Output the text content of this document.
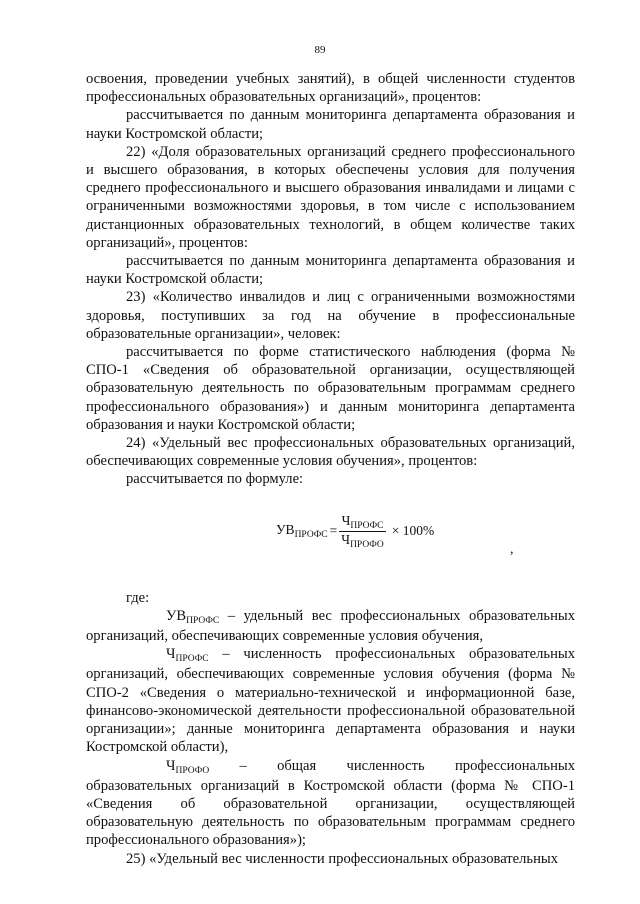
89

освоения, проведении учебных занятий), в общей численности студентов профессиональных образовательных организаций», процентов:

рассчитывается по данным мониторинга департамента образования и науки Костромской области;

22) «Доля образовательных организаций среднего профессионального и высшего образования, в которых обеспечены условия для получения среднего профессионального и высшего образования инвалидами и лицами с ограниченными возможностями здоровья, в том числе с использованием дистанционных образовательных технологий, в общем количестве таких организаций», процентов:

рассчитывается по данным мониторинга департамента образования и науки Костромской области;

23) «Количество инвалидов и лиц с ограниченными возможностями здоровья, поступивших за год на обучение в профессиональные образовательные организации», человек:

рассчитывается по форме статистического наблюдения (форма № СПО-1 «Сведения об образовательной организации, осуществляющей образовательную деятельность по образовательным программам среднего профессионального образования») и данным мониторинга департамента образования и науки Костромской области;

24) «Удельный вес профессиональных образовательных организаций, обеспечивающих современные условия обучения», процентов:

рассчитывается по формуле:

$УВ_{ПРОФС} = \frac{Ч_{ПРОФС}}{Ч_{ПРОФО}} \times 100\%$
,

где:

$УВ_{ПРОФС}$ – удельный вес профессиональных образовательных организаций, обеспечивающих современные условия обучения,

$Ч_{ПРОФС}$ – численность профессиональных образовательных организаций, обеспечивающих современные условия обучения (форма № СПО-2 «Сведения о материально-технической и информационной базе, финансово-экономической деятельности профессиональной образовательной организации»; данные мониторинга департамента образования и науки Костромской области),

$Ч_{ПРОФО}$ – общая численность профессиональных образовательных организаций в Костромской области (форма № СПО-1 «Сведения об образовательной организации, осуществляющей образовательную деятельность по образовательным программам среднего профессионального образования»);

25) «Удельный вес численности профессиональных образовательных
